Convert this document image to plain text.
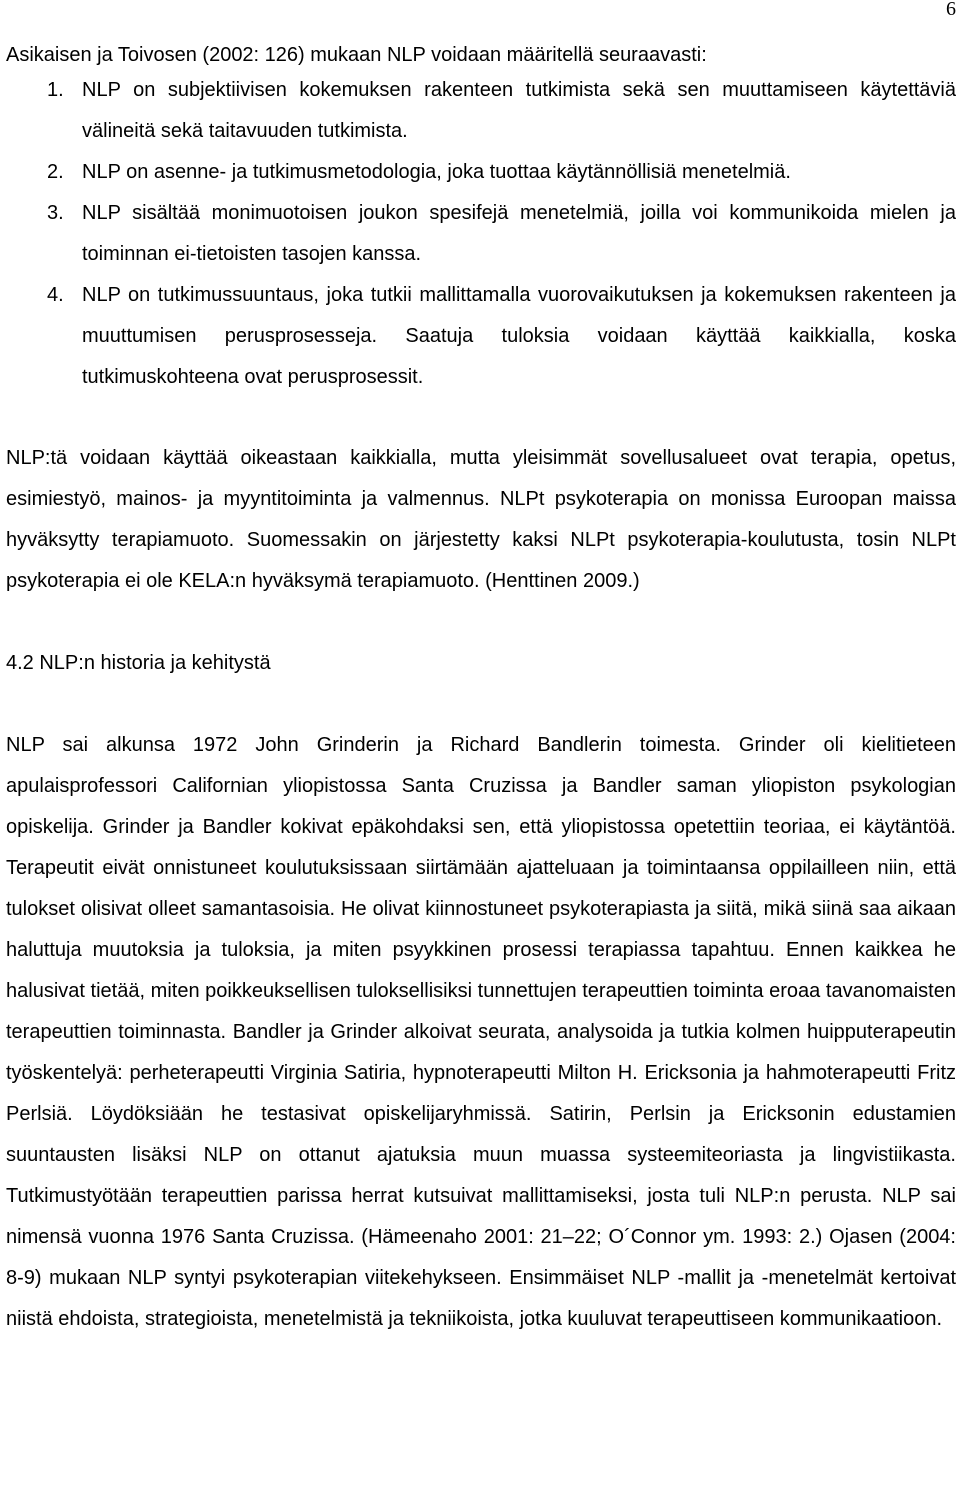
6

Asikaisen ja Toivosen (2002: 126) mukaan NLP voidaan määritellä seuraavasti:

1. NLP on subjektiivisen kokemuksen rakenteen tutkimista sekä sen muuttamiseen käytettäviä välineitä sekä taitavuuden tutkimista.
2. NLP on asenne- ja tutkimusmetodologia, joka tuottaa käytännöllisiä menetelmiä.
3. NLP sisältää monimuotoisen joukon spesifejä menetelmiä, joilla voi kommunikoida mielen ja toiminnan ei-tietoisten tasojen kanssa.
4. NLP on tutkimussuuntaus, joka tutkii mallittamalla vuorovaikutuksen ja kokemuksen rakenteen ja muuttumisen perusprosesseja. Saatuja tuloksia voidaan käyttää kaikkialla, koska tutkimuskohteena ovat perusprosessit.

NLP:tä voidaan käyttää oikeastaan kaikkialla, mutta yleisimmät sovellusalueet ovat terapia, opetus, esimiestyö, mainos- ja myyntitoiminta ja valmennus. NLPt psykoterapia on monissa Euroopan maissa hyväksytty terapiamuoto. Suomessakin on järjestetty kaksi NLPt psykoterapia-koulutusta, tosin NLPt psykoterapia ei ole KELA:n hyväksymä terapiamuoto. (Henttinen 2009.)

4.2 NLP:n historia ja kehitystä

NLP sai alkunsa 1972 John Grinderin ja Richard Bandlerin toimesta. Grinder oli kielitieteen apulaisprofessori Californian yliopistossa Santa Cruzissa ja Bandler saman yliopiston psykologian opiskelija. Grinder ja Bandler kokivat epäkohdaksi sen, että yliopistossa opetettiin teoriaa, ei käytäntöä. Terapeutit eivät onnistuneet koulutuksissaan siirtämään ajatteluaan ja toimintaansa oppilailleen niin, että tulokset olisivat olleet samantasoisia. He olivat kiinnostuneet psykoterapiasta ja siitä, mikä siinä saa aikaan haluttuja muutoksia ja tuloksia, ja miten psyykkinen prosessi terapiassa tapahtuu. Ennen kaikkea he halusivat tietää, miten poikkeuksellisen tuloksellisiksi tunnettujen terapeuttien toiminta eroaa tavanomaisten terapeuttien toiminnasta. Bandler ja Grinder alkoivat seurata, analysoida ja tutkia kolmen huipputerapeutin työskentelyä: perheterapeutti Virginia Satiria, hypnoterapeutti Milton H. Ericksonia ja hahmoterapeutti Fritz Perlsiä. Löydöksiään he testasivat opiskelijaryhmissä. Satirin, Perlsin ja Ericksonin edustamien suuntausten lisäksi NLP on ottanut ajatuksia muun muassa systeemiteoriasta ja lingvistiikasta. Tutkimustyötään terapeuttien parissa herrat kutsuivat mallittamiseksi, josta tuli NLP:n perusta. NLP sai nimensä vuonna 1976 Santa Cruzissa. (Hämeenaho 2001: 21–22; O´Connor ym. 1993: 2.) Ojasen (2004: 8-9) mukaan NLP syntyi psykoterapian viitekehykseen. Ensimmäiset NLP -mallit ja -menetelmät kertoivat niistä ehdoista, strategioista, menetelmistä ja tekniikoista, jotka kuuluvat terapeuttiseen kommunikaatioon.
